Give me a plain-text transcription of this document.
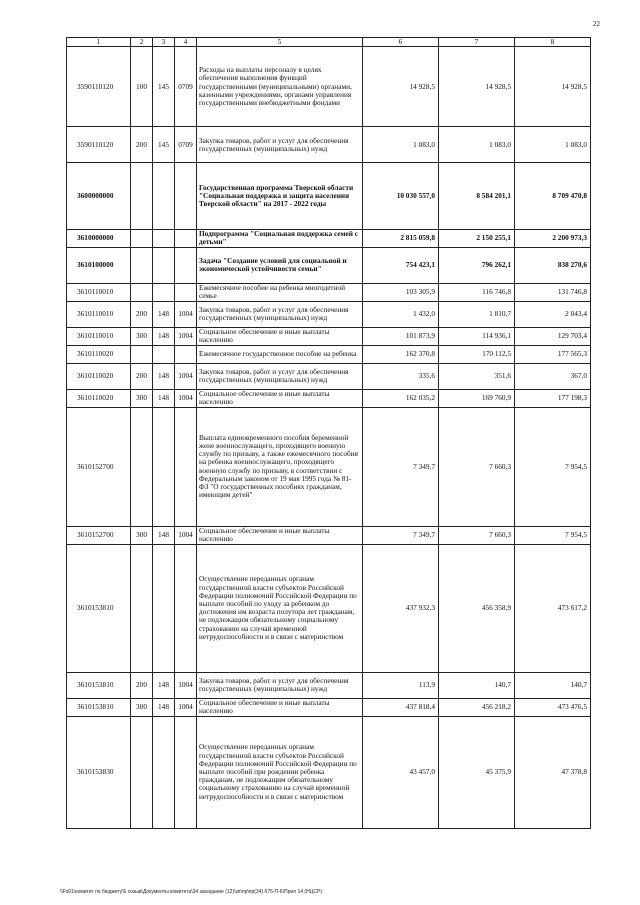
22
1	2	3	4	5	6	7	8
3590110120	100	145	0709	Расходы на выплаты персоналу в целях обеспечения выполнения функций государственными (муниципальными) органами, казенными учреждениями, органами управления государственными внебюджетными фондами	14 928,5	14 928,5	14 928,5
3590110120	200	145	0709	Закупка товаров, работ и услуг для обеспечения государственных (муниципальных) нужд	1 083,0	1 083,0	1 083,0
3600000000				Государственная программа Тверской области "Социальная поддержка и защита населения Тверской области" на 2017 - 2022 годы	10 030 557,0	8 584 201,1	8 709 470,8
3610000000				Подпрограмма "Социальная поддержка семей с детьми"	2 815 059,8	2 150 255,1	2 200 973,3
3610100000				Задача "Создание условий для социальной и экономической устойчивости семьи"	754 423,1	796 262,1	838 270,6
3610110010				Ежемесячное пособие на ребенка многодетной семье	103 305,9	116 746,8	131 746,8
3610110010	200	148	1004	Закупка товаров, работ и услуг для обеспечения государственных (муниципальных) нужд	1 432,0	1 810,7	2 043,4
3610110010	300	148	1004	Социальное обеспечение и иные выплаты населению	101 873,9	114 936,1	129 703,4
3610110020				Ежемесячное государственное пособие на ребенка	162 370,8	170 112,5	177 565,3
3610110020	200	148	1004	Закупка товаров, работ и услуг для обеспечения государственных (муниципальных) нужд	335,6	351,6	367,0
3610110020	300	148	1004	Социальное обеспечение и иные выплаты населению	162 035,2	169 760,9	177 198,3
3610152700				Выплата единовременного пособия беременной жене военнослужащего, проходящего военную службу по призыву, а также ежемесячного пособия на ребенка военнослужащего, проходящего военную службу по призыву, в соответствии с Федеральным законом от 19 мая 1995 года № 81-ФЗ "О государственных пособиях гражданам, имеющим детей"	7 349,7	7 660,3	7 954,5
3610152700	300	148	1004	Социальное обеспечение и иные выплаты населению	7 349,7	7 660,3	7 954,5
3610153810				Осуществление переданных органам государственной власти субъектов Российской Федерации полномочий Российской Федерации по выплате пособий по уходу за ребенком до достижения им возраста полутора лет гражданам, не подлежащим обязательному социальному страхованию на случай временной нетрудоспособности и в связи с материнством	437 932,3	456 358,9	473 617,2
3610153810	200	148	1004	Закупка товаров, работ и услуг для обеспечения государственных (муниципальных) нужд	113,9	140,7	140,7
3610153810	300	148	1004	Социальное обеспечение и иные выплаты населению	437 818,4	456 218,2	473 476,5
3610153830				Осуществление переданных органам государственной власти субъектов Российской Федерации полномочий Российской Федерации по выплате пособий при рождении ребенка гражданам, не подлежащим обязательному социальному страхованию на случай временной нетрудоспособности и в связи с материнством	43 457,0	45 375,9	47 378,8
\\Fs01\комитет по бюджету\6 созыв\Документы комитета\34 заседание (12)\зп\пр\пр(34) 675-П-6\Прил 14 (НЦСР)
